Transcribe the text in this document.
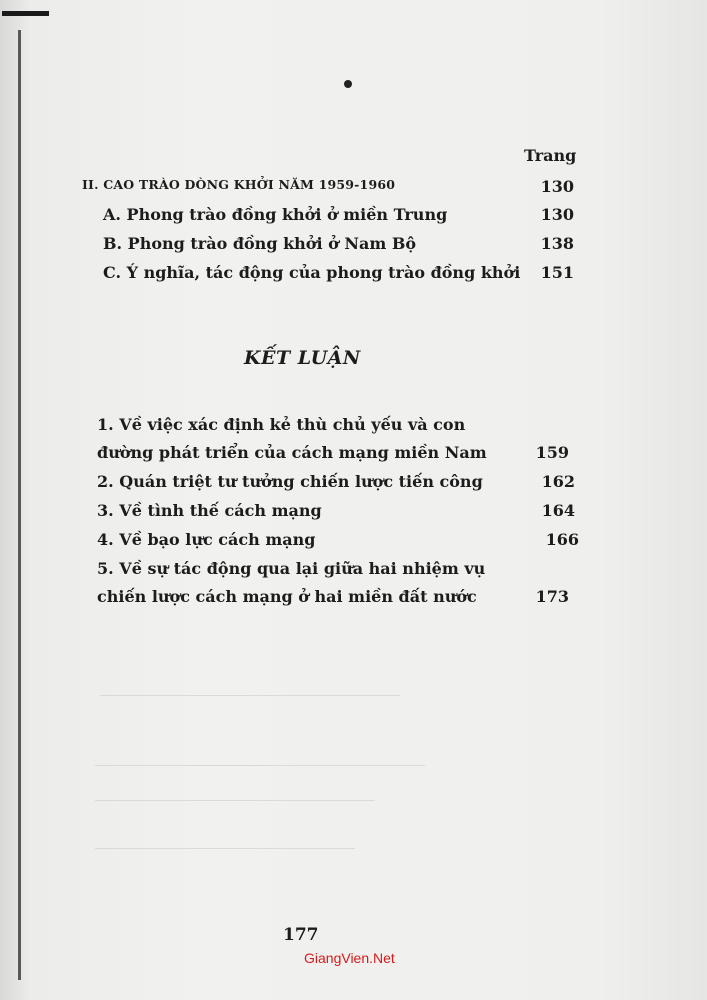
Trang
II. CAO TRÀO DÒNG KHỞI NĂM 1959-1960	130
A. Phong trào đồng khởi ở miền Trung	130
B. Phong trào đồng khởi ở Nam Bộ	138
C. Ý nghĩa, tác động của phong trào đồng khởi	151
KẾT LUẬN
1. Về việc xác định kẻ thù chủ yếu và con
đường phát triển của cách mạng miền Nam	159
2. Quán triệt tư tưởng chiến lược tiến công	162
3. Về tình thế cách mạng	164
4. Về bạo lực cách mạng	166
5. Về sự tác động qua lại giữa hai nhiệm vụ
chiến lược cách mạng ở hai miền đất nước	173
177
GiangVien.Net
